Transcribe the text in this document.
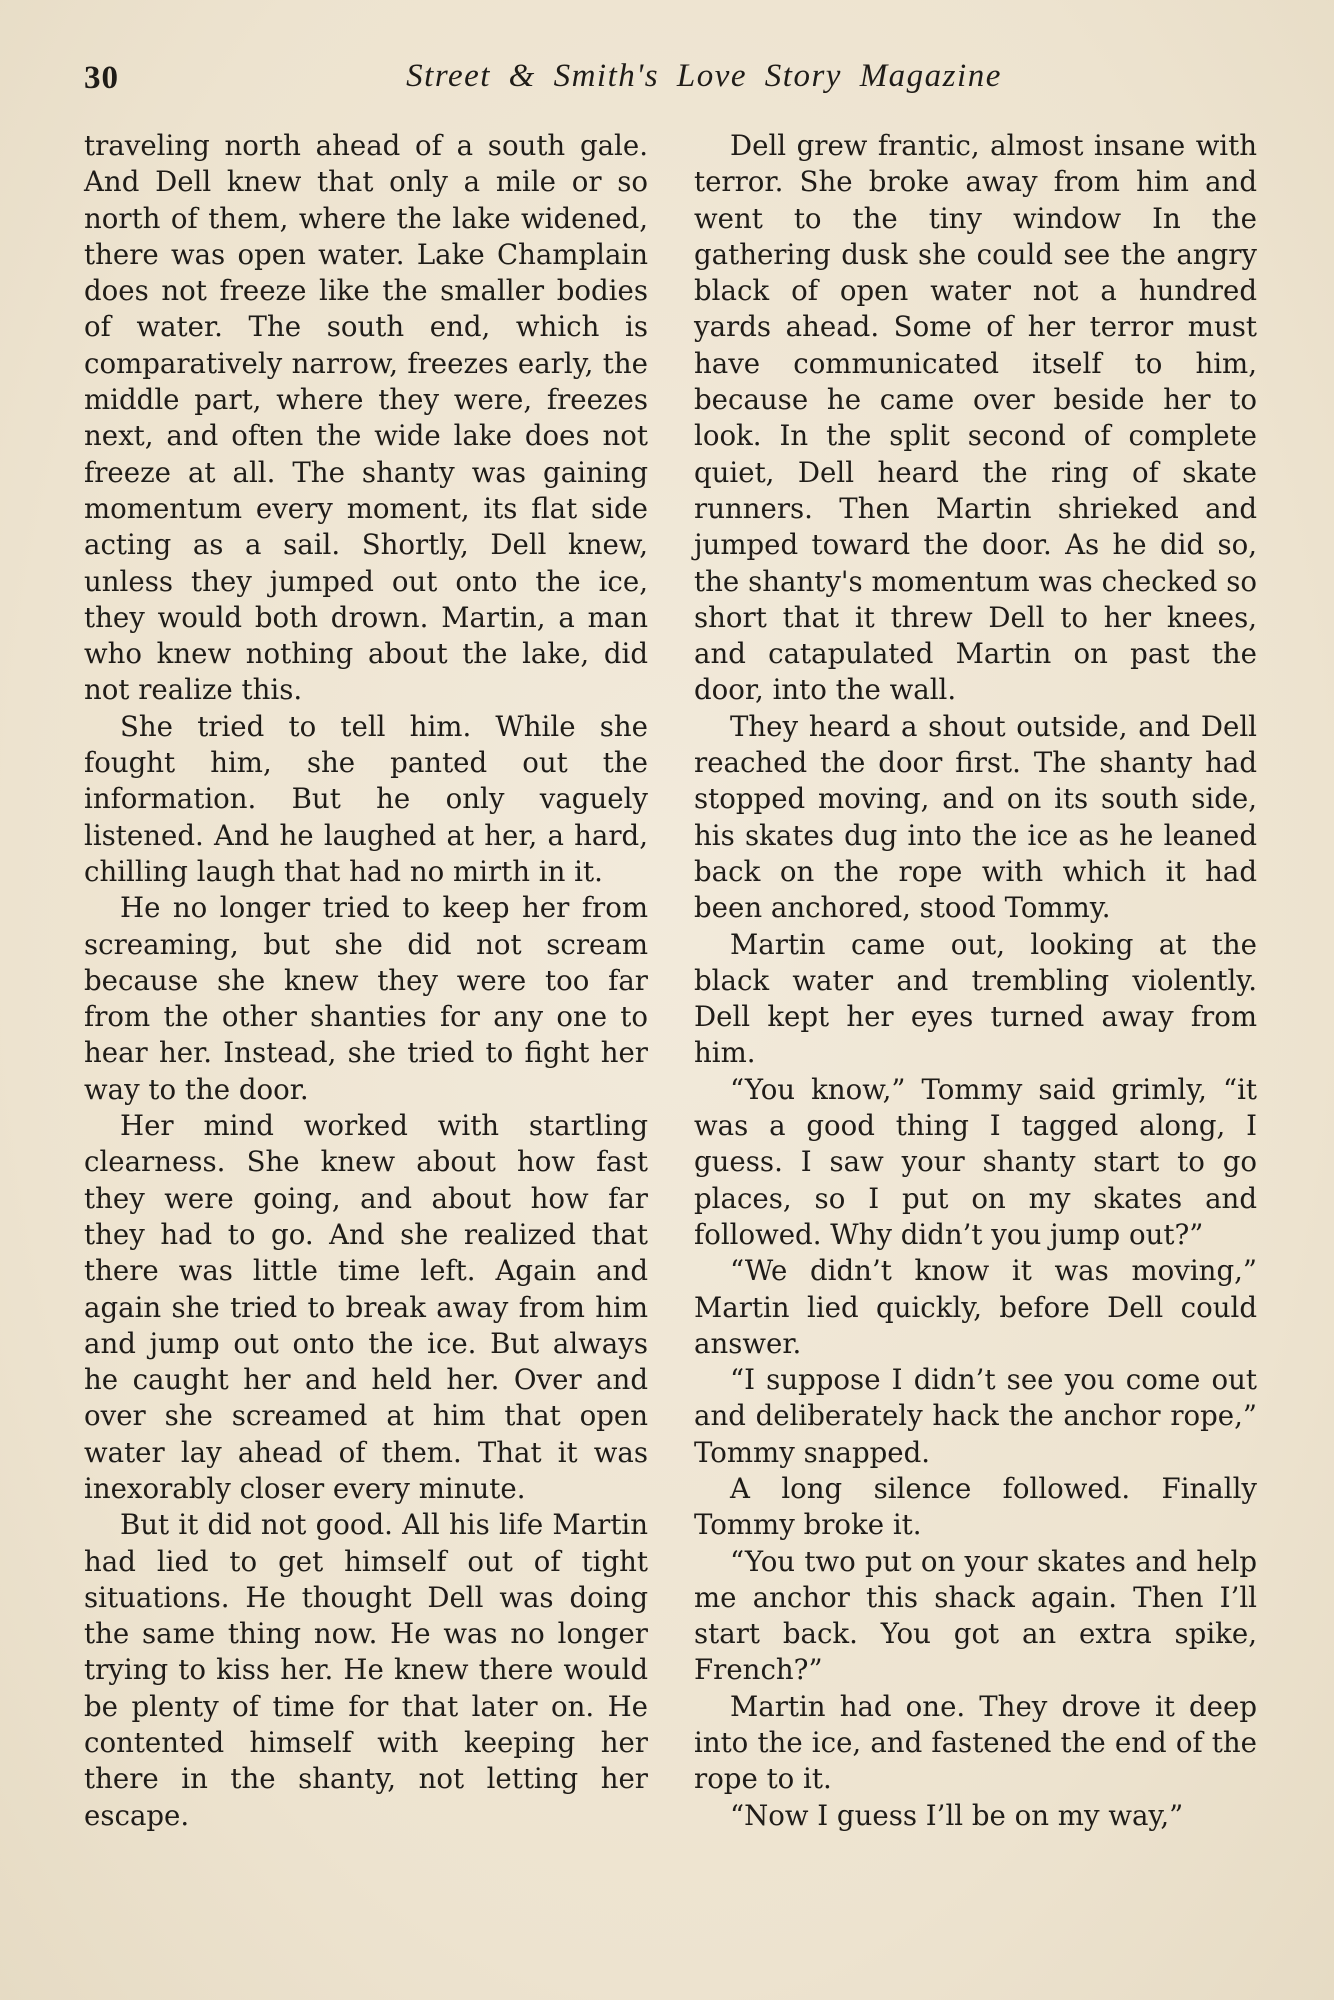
30	Street & Smith's Love Story Magazine

traveling north ahead of a south gale. And Dell knew that only a mile or so north of them, where the lake widened, there was open water. Lake Champlain does not freeze like the smaller bodies of water. The south end, which is comparatively narrow, freezes early, the middle part, where they were, freezes next, and often the wide lake does not freeze at all. The shanty was gaining momentum every moment, its flat side acting as a sail. Shortly, Dell knew, unless they jumped out onto the ice, they would both drown. Martin, a man who knew nothing about the lake, did not realize this.

She tried to tell him. While she fought him, she panted out the information. But he only vaguely listened. And he laughed at her, a hard, chilling laugh that had no mirth in it.

He no longer tried to keep her from screaming, but she did not scream because she knew they were too far from the other shanties for any one to hear her. Instead, she tried to fight her way to the door.

Her mind worked with startling clearness. She knew about how fast they were going, and about how far they had to go. And she realized that there was little time left. Again and again she tried to break away from him and jump out onto the ice. But always he caught her and held her. Over and over she screamed at him that open water lay ahead of them. That it was inexorably closer every minute.

But it did not good. All his life Martin had lied to get himself out of tight situations. He thought Dell was doing the same thing now. He was no longer trying to kiss her. He knew there would be plenty of time for that later on. He contented himself with keeping her there in the shanty, not letting her escape.

Dell grew frantic, almost insane with terror. She broke away from him and went to the tiny window In the gathering dusk she could see the angry black of open water not a hundred yards ahead. Some of her terror must have communicated itself to him, because he came over beside her to look. In the split second of complete quiet, Dell heard the ring of skate runners. Then Martin shrieked and jumped toward the door. As he did so, the shanty's momentum was checked so short that it threw Dell to her knees, and catapulated Martin on past the door, into the wall.

They heard a shout outside, and Dell reached the door first. The shanty had stopped moving, and on its south side, his skates dug into the ice as he leaned back on the rope with which it had been anchored, stood Tommy.

Martin came out, looking at the black water and trembling violently. Dell kept her eyes turned away from him.

“You know,” Tommy said grimly, “it was a good thing I tagged along, I guess. I saw your shanty start to go places, so I put on my skates and followed. Why didn’t you jump out?”

“We didn’t know it was moving,” Martin lied quickly, before Dell could answer.

“I suppose I didn’t see you come out and deliberately hack the anchor rope,” Tommy snapped.

A long silence followed. Finally Tommy broke it.

“You two put on your skates and help me anchor this shack again. Then I’ll start back. You got an extra spike, French?”

Martin had one. They drove it deep into the ice, and fastened the end of the rope to it.

“Now I guess I’ll be on my way,”
